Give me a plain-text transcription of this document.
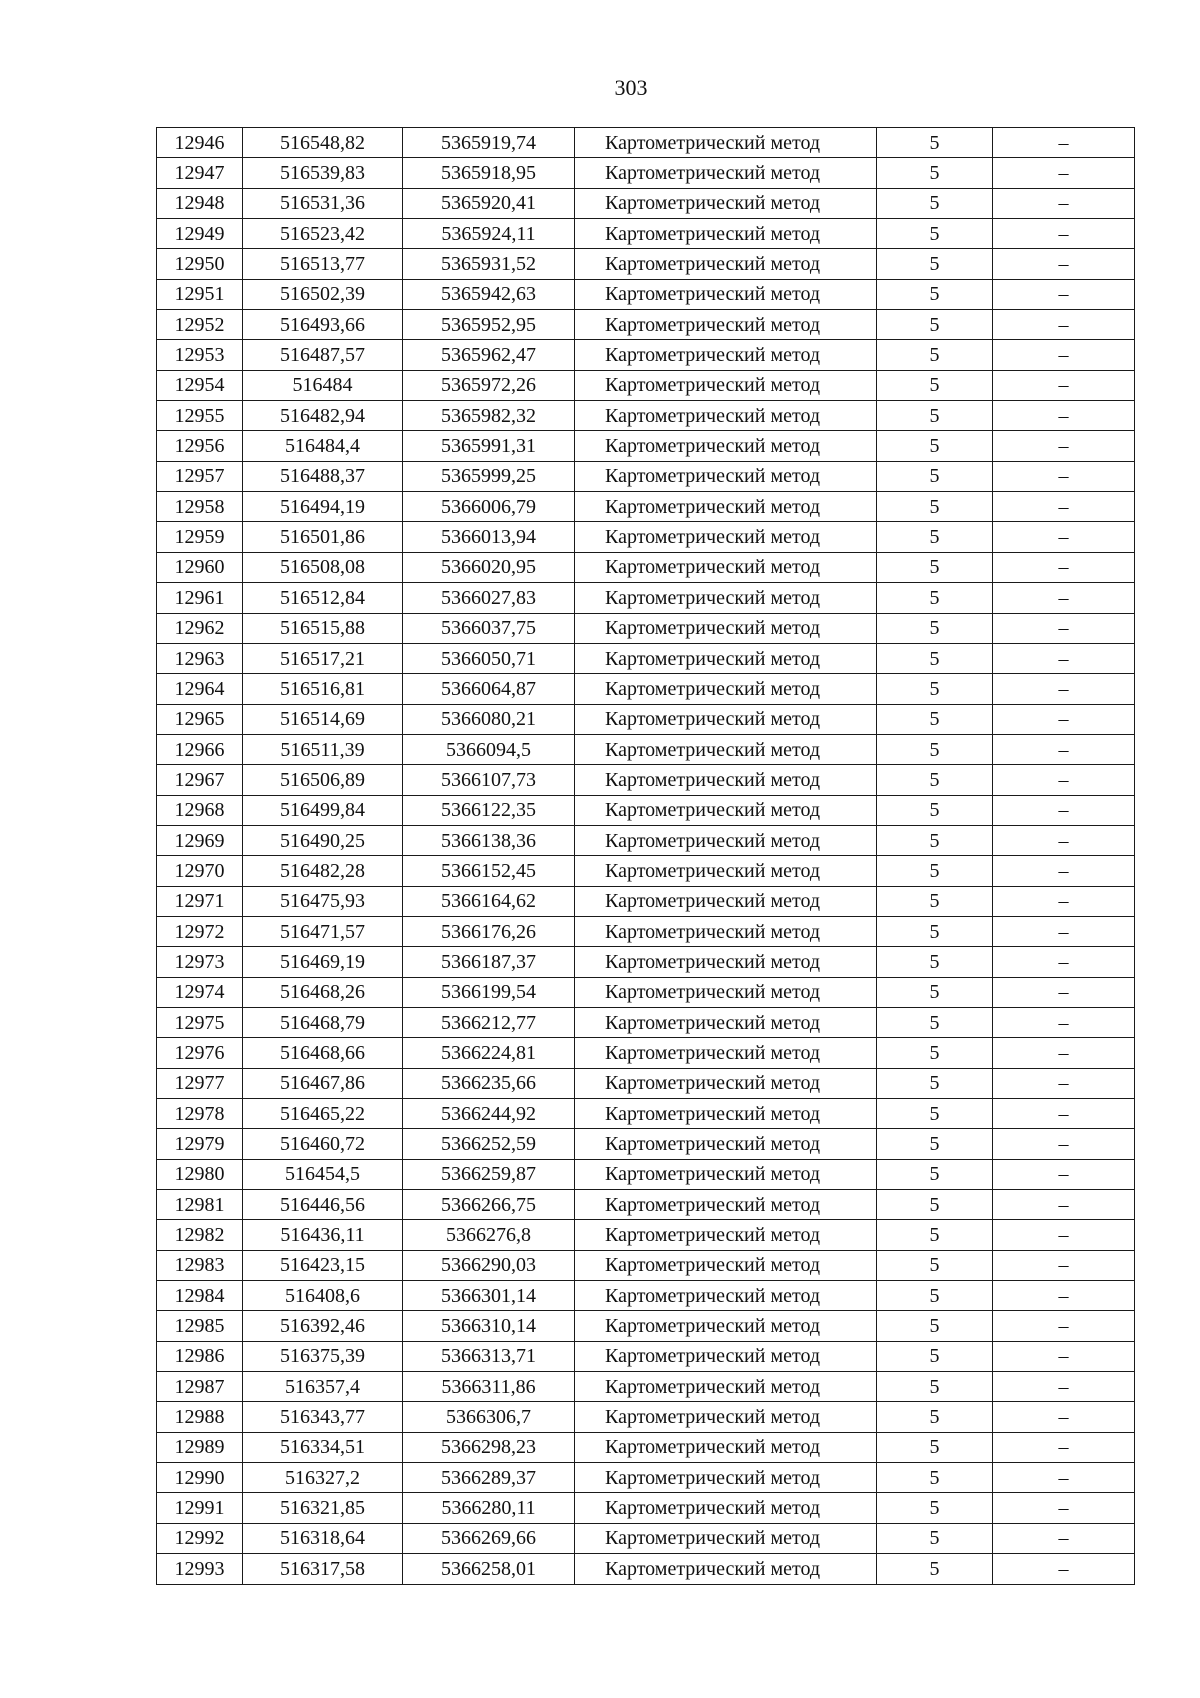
303
12946	516548,82	5365919,74	Картометрический метод	5	–
12947	516539,83	5365918,95	Картометрический метод	5	–
12948	516531,36	5365920,41	Картометрический метод	5	–
12949	516523,42	5365924,11	Картометрический метод	5	–
12950	516513,77	5365931,52	Картометрический метод	5	–
12951	516502,39	5365942,63	Картометрический метод	5	–
12952	516493,66	5365952,95	Картометрический метод	5	–
12953	516487,57	5365962,47	Картометрический метод	5	–
12954	516484	5365972,26	Картометрический метод	5	–
12955	516482,94	5365982,32	Картометрический метод	5	–
12956	516484,4	5365991,31	Картометрический метод	5	–
12957	516488,37	5365999,25	Картометрический метод	5	–
12958	516494,19	5366006,79	Картометрический метод	5	–
12959	516501,86	5366013,94	Картометрический метод	5	–
12960	516508,08	5366020,95	Картометрический метод	5	–
12961	516512,84	5366027,83	Картометрический метод	5	–
12962	516515,88	5366037,75	Картометрический метод	5	–
12963	516517,21	5366050,71	Картометрический метод	5	–
12964	516516,81	5366064,87	Картометрический метод	5	–
12965	516514,69	5366080,21	Картометрический метод	5	–
12966	516511,39	5366094,5	Картометрический метод	5	–
12967	516506,89	5366107,73	Картометрический метод	5	–
12968	516499,84	5366122,35	Картометрический метод	5	–
12969	516490,25	5366138,36	Картометрический метод	5	–
12970	516482,28	5366152,45	Картометрический метод	5	–
12971	516475,93	5366164,62	Картометрический метод	5	–
12972	516471,57	5366176,26	Картометрический метод	5	–
12973	516469,19	5366187,37	Картометрический метод	5	–
12974	516468,26	5366199,54	Картометрический метод	5	–
12975	516468,79	5366212,77	Картометрический метод	5	–
12976	516468,66	5366224,81	Картометрический метод	5	–
12977	516467,86	5366235,66	Картометрический метод	5	–
12978	516465,22	5366244,92	Картометрический метод	5	–
12979	516460,72	5366252,59	Картометрический метод	5	–
12980	516454,5	5366259,87	Картометрический метод	5	–
12981	516446,56	5366266,75	Картометрический метод	5	–
12982	516436,11	5366276,8	Картометрический метод	5	–
12983	516423,15	5366290,03	Картометрический метод	5	–
12984	516408,6	5366301,14	Картометрический метод	5	–
12985	516392,46	5366310,14	Картометрический метод	5	–
12986	516375,39	5366313,71	Картометрический метод	5	–
12987	516357,4	5366311,86	Картометрический метод	5	–
12988	516343,77	5366306,7	Картометрический метод	5	–
12989	516334,51	5366298,23	Картометрический метод	5	–
12990	516327,2	5366289,37	Картометрический метод	5	–
12991	516321,85	5366280,11	Картометрический метод	5	–
12992	516318,64	5366269,66	Картометрический метод	5	–
12993	516317,58	5366258,01	Картометрический метод	5	–
